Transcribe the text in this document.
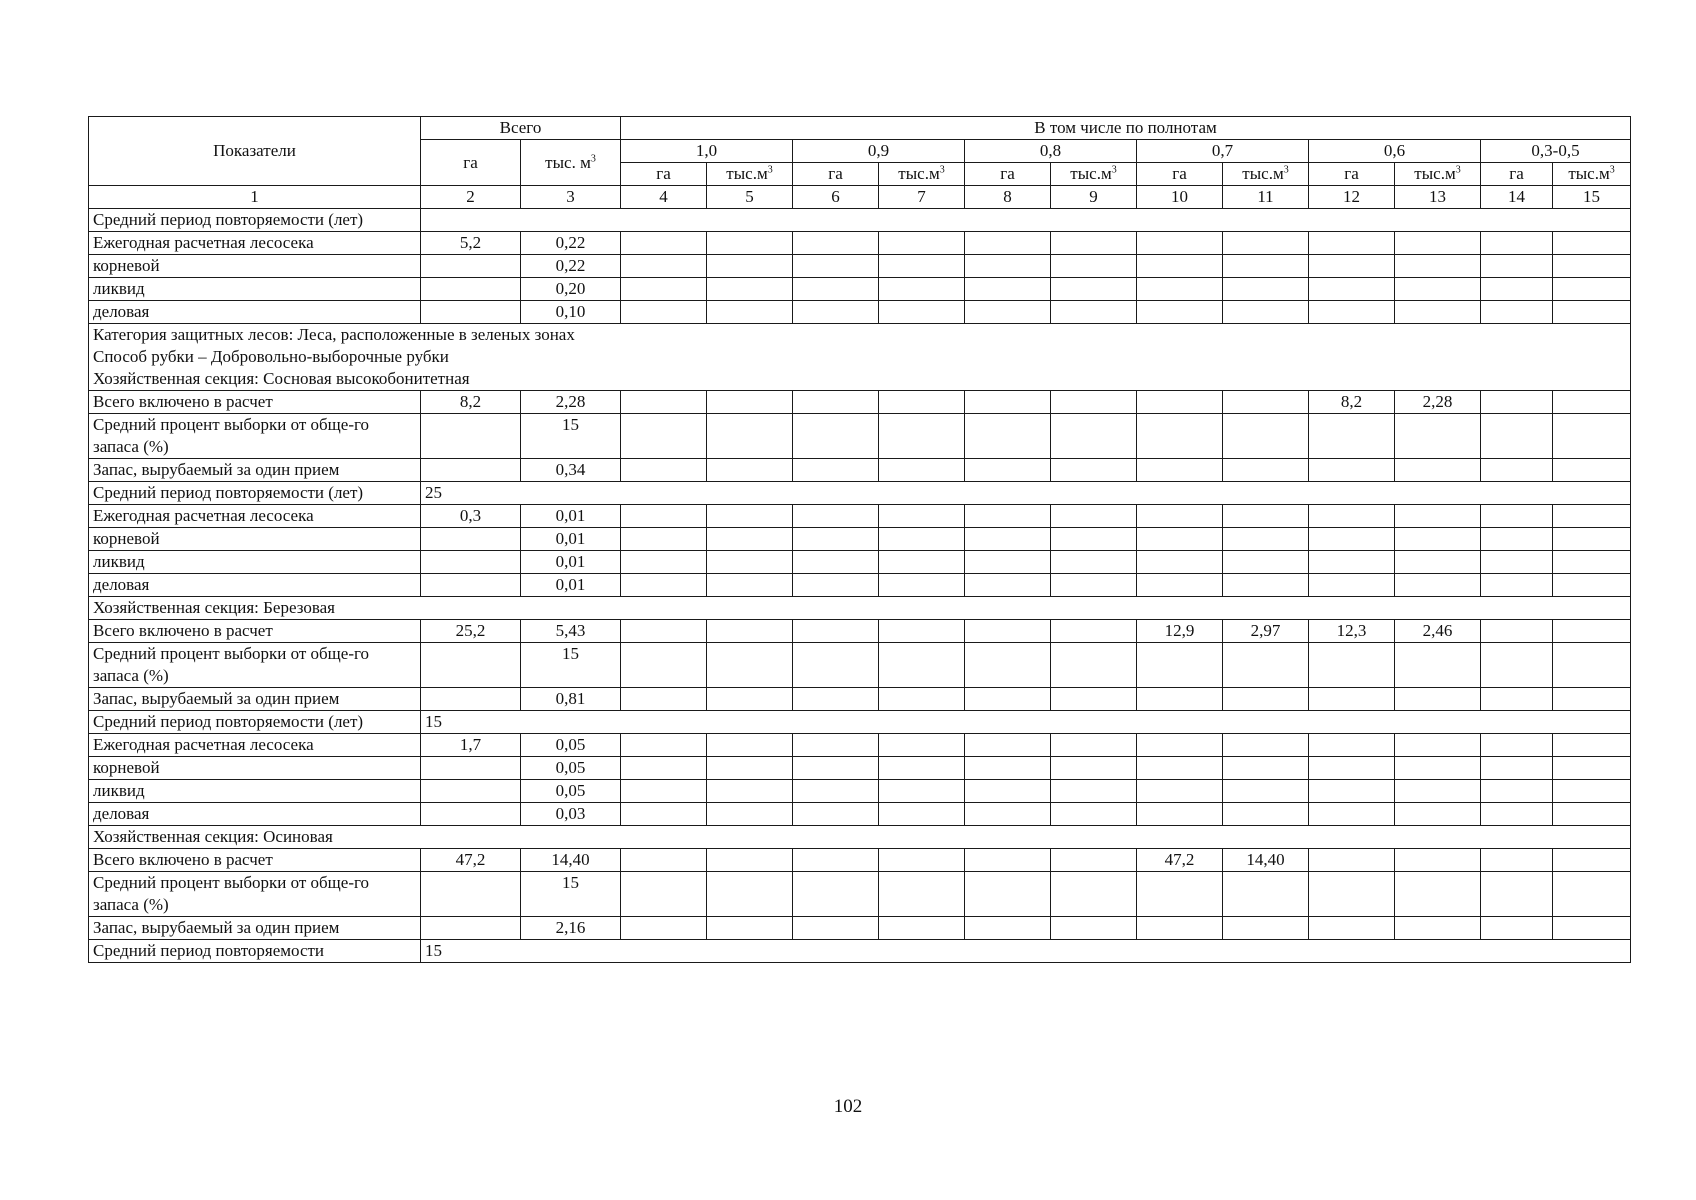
Показатели	Всего		В том числе по полнотам											
	га	тыс. $м^3$	1,0		0,9		0,8		0,7		0,6		0,3-0,5	
			га	$тыс.м^3$	га	$тыс.м^3$	га	$тыс.м^3$	га	$тыс.м^3$	га	$тыс.м^3$	га	$тыс.м^3$
1	2	3	4	5	6	7	8	9	10	11	12	13	14	15
Средний период повторяемости (лет)														
Ежегодная расчетная лесосека	5,2	0,22												
корневой		0,22												
ликвид		0,20												
деловая		0,10												
Категория защитных лесов: Леса, расположенные в зеленых зонах
Способ рубки – Добровольно-выборочные рубки
Хозяйственная секция: Сосновая высокобонитетная														
Всего включено в расчет	8,2	2,28									8,2	2,28		
Средний процент выборки от обще-го запаса (%)		15												
Запас, вырубаемый за один прием		0,34												
Средний период повторяемости (лет)	25													
Ежегодная расчетная лесосека	0,3	0,01												
корневой		0,01												
ликвид		0,01												
деловая		0,01												
Хозяйственная секция: Березовая														
Всего включено в расчет	25,2	5,43							12,9	2,97	12,3	2,46		
Средний процент выборки от обще-го запаса (%)		15												
Запас, вырубаемый за один прием		0,81												
Средний период повторяемости (лет)	15													
Ежегодная расчетная лесосека	1,7	0,05												
корневой		0,05												
ликвид		0,05												
деловая		0,03												
Хозяйственная секция: Осиновая														
Всего включено в расчет	47,2	14,40							47,2	14,40				
Средний процент выборки от обще-го запаса (%)		15												
Запас, вырубаемый за один прием		2,16												
Средний период повторяемости	15													
102
